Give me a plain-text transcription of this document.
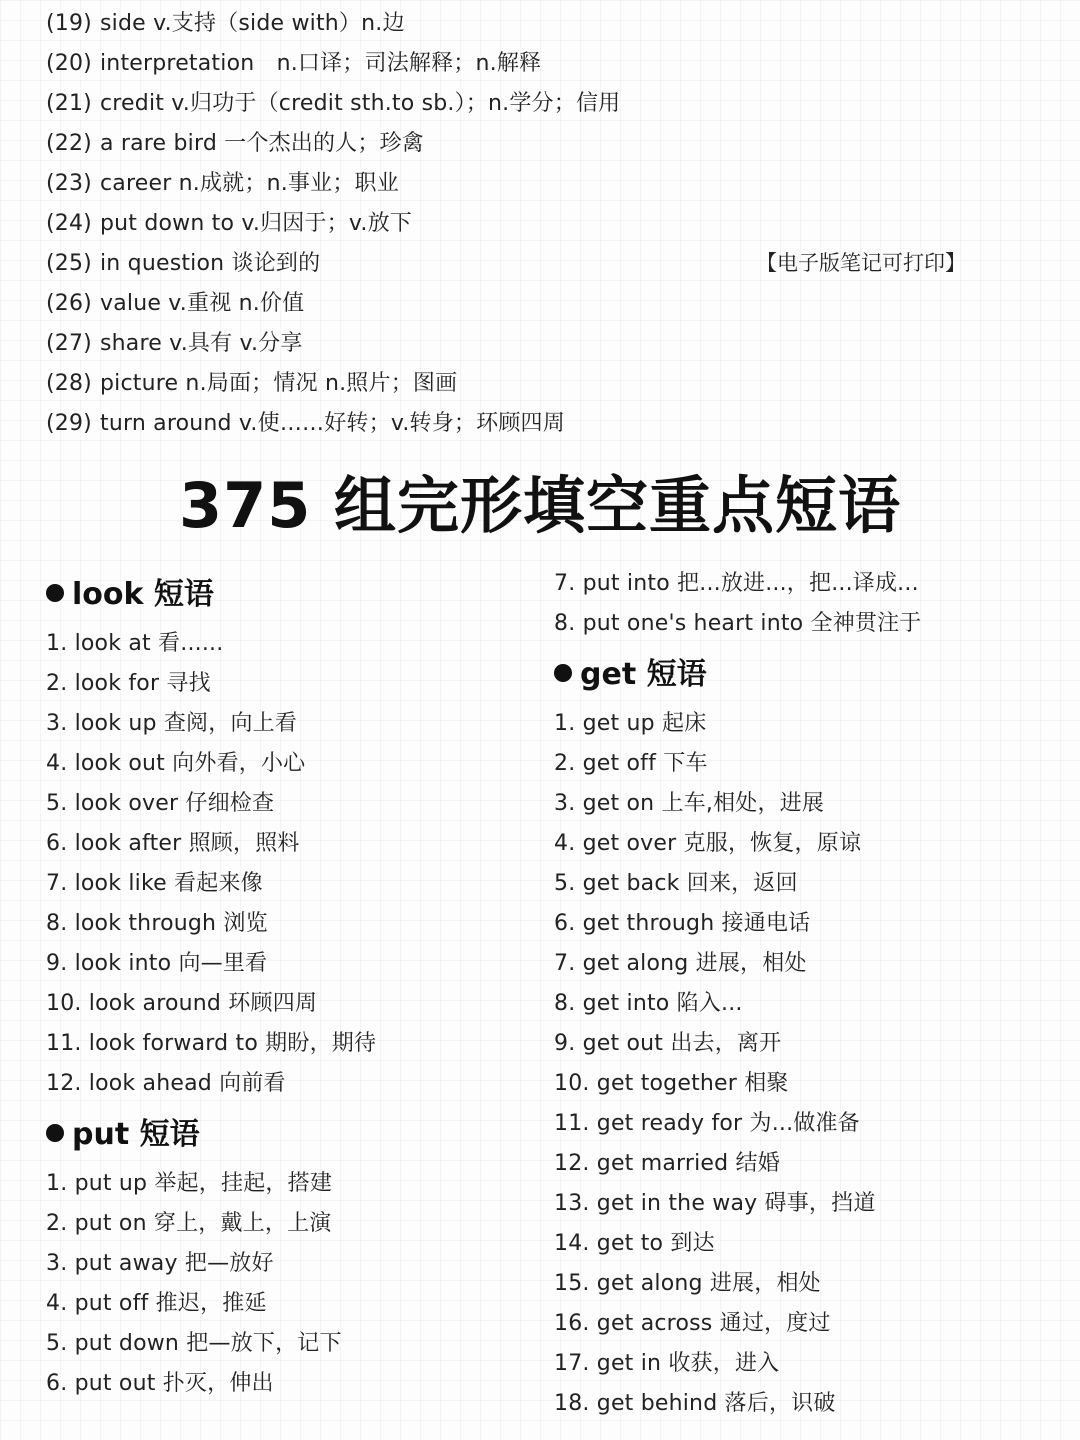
(19) side v.支持（side with）n.边
(20) interpretation　n.口译；司法解释；n.解释
(21) credit v.归功于（credit sth.to sb.）；n.学分；信用
(22) a rare bird 一个杰出的人；珍禽
(23) career n.成就；n.事业；职业
(24) put down to v.归因于；v.放下
(25) in question 谈论到的
(26) value v.重视 n.价值
(27) share v.具有 v.分享
(28) picture n.局面；情况 n.照片；图画
(29) turn around v.使……好转；v.转身；环顾四周
【电子版笔记可打印】
375 组完形填空重点短语
look 短语
1. look at 看......
2. look for 寻找
3. look up 查阅，向上看
4. look out 向外看，小心
5. look over 仔细检查
6. look after 照顾，照料
7. look like 看起来像
8. look through 浏览
9. look into 向—里看
10. look around 环顾四周
11. look forward to 期盼，期待
12. look ahead 向前看
put 短语
1. put up 举起，挂起，搭建
2. put on 穿上，戴上，上演
3. put away 把—放好
4. put off 推迟，推延
5. put down 把—放下，记下
6. put out 扑灭，伸出
7. put into 把...放进...，把...译成...
8. put one's heart into 全神贯注于
get 短语
1. get up 起床
2. get off 下车
3. get on 上车,相处，进展
4. get over 克服，恢复，原谅
5. get back 回来，返回
6. get through 接通电话
7. get along 进展，相处
8. get into 陷入...
9. get out 出去，离开
10. get together 相聚
11. get ready for 为...做准备
12. get married 结婚
13. get in the way 碍事，挡道
14. get to 到达
15. get along 进展，相处
16. get across 通过，度过
17. get in 收获，进入
18. get behind 落后，识破
